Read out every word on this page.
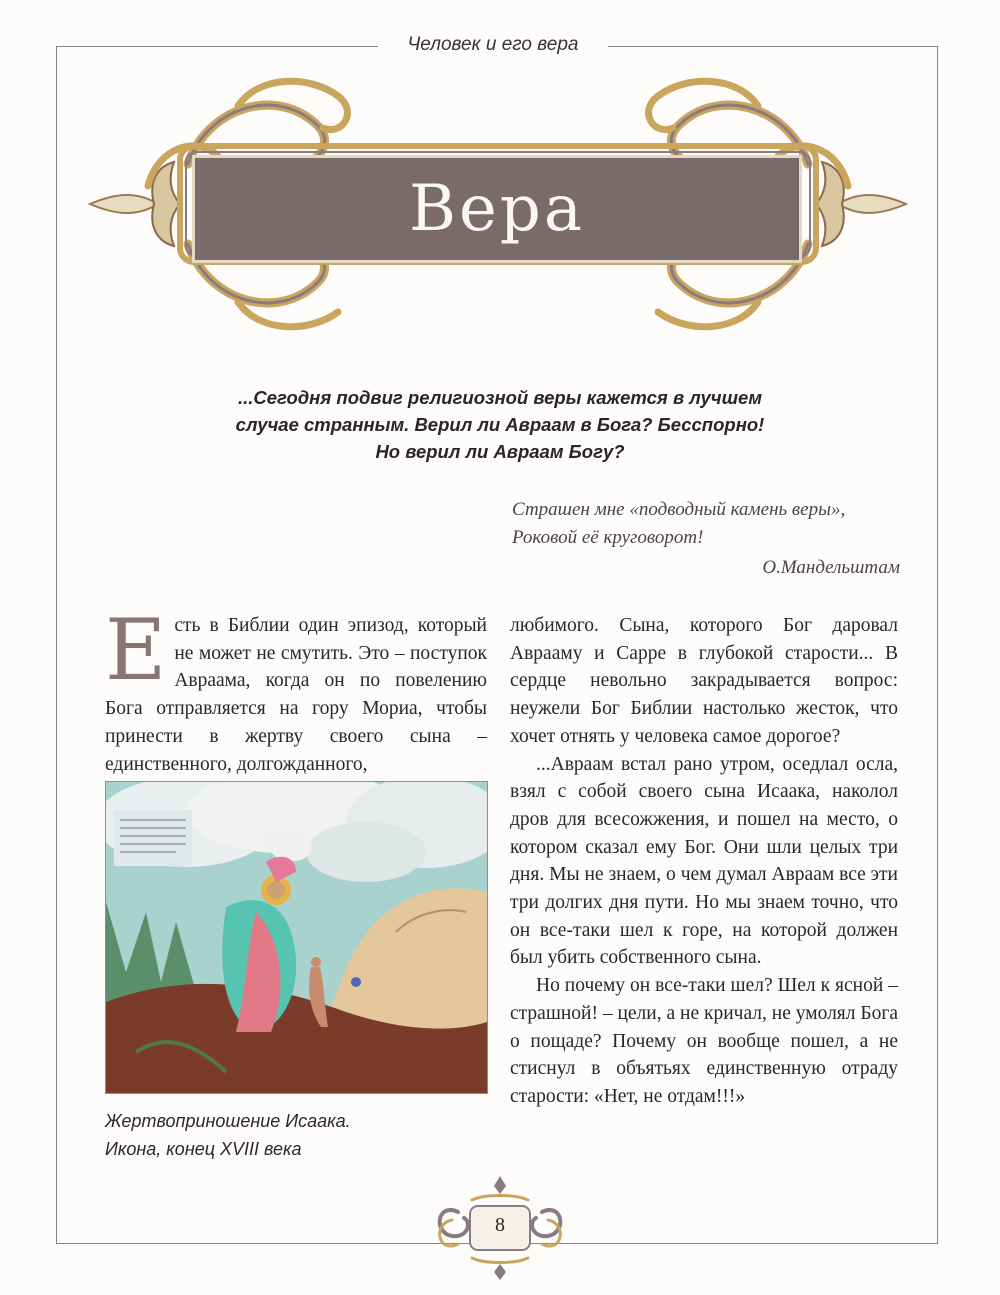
Человек и его вера
Вера
...Сегодня подвиг религиозной веры кажется в лучшем
случае странным. Верил ли Авраам в Бога? Бесспорно!
Но верил ли Авраам Богу?
Страшен мне «подводный камень веры»,
Роковой её круговорот!
О.Мандельштам

Есть в Библии один эпизод, который не может не смутить. Это – поступок Авраама, когда он по повелению Бога отправляется на гору Мориа, чтобы принести в жертву своего сына – единственного, долгожданного,

Жертвоприношение Исаака.
Икона, конец XVIII века

любимого. Сына, которого Бог даровал Аврааму и Сарре в глубокой старости... В сердце невольно закрадывается вопрос: неужели Бог Библии настолько жесток, что хочет отнять у человека самое дорогое?

...Авраам встал рано утром, оседлал осла, взял с собой своего сына Исаака, наколол дров для всесожжения, и пошел на место, о котором сказал ему Бог. Они шли целых три дня. Мы не знаем, о чем думал Авраам все эти три долгих дня пути. Но мы знаем точно, что он все-таки шел к горе, на которой должен был убить собственного сына.

Но почему он все-таки шел? Шел к ясной – страшной! – цели, а не кричал, не умолял Бога о пощаде? Почему он вообще пошел, а не стиснул в объятьях единственную отраду старости: «Нет, не отдам!!!»

8
